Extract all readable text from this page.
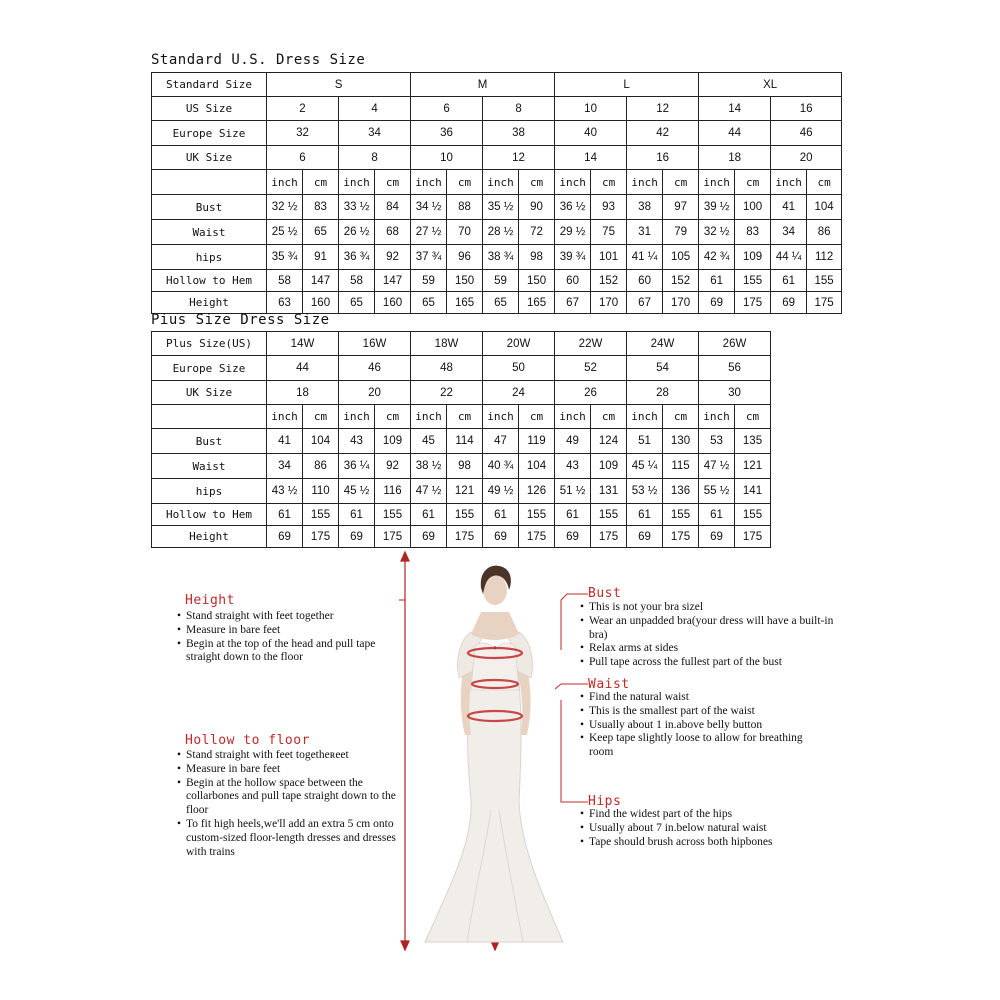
Standard U.S. Dress Size
Standard Size	S				M				L				XL			
US Size	2		4		6		8		10		12		14		16	
Europe Size	32		34		36		38		40		42		44		46	
UK Size	6		8		10		12		14		16		18		20	
	inch	cm	inch	cm	inch	cm	inch	cm	inch	cm	inch	cm	inch	cm	inch	cm
Bust	32 ½	83	33 ½	84	34 ½	88	35 ½	90	36 ½	93	38	97	39 ½	100	41	104
Waist	25 ½	65	26 ½	68	27 ½	70	28 ½	72	29 ½	75	31	79	32 ½	83	34	86
hips	35 ¾	91	36 ¾	92	37 ¾	96	38 ¾	98	39 ¾	101	41 ¼	105	42 ¾	109	44 ¼	112
Hollow to Hem	58	147	58	147	59	150	59	150	60	152	60	152	61	155	61	155
Height	63	160	65	160	65	165	65	165	67	170	67	170	69	175	69	175
Pius Size Dress Size
Plus Size(US)	14W		16W		18W		20W		22W		24W		26W	
Europe Size	44		46		48		50		52		54		56	
UK Size	18		20		22		24		26		28		30	
	inch	cm	inch	cm	inch	cm	inch	cm	inch	cm	inch	cm	inch	cm
Bust	41	104	43	109	45	114	47	119	49	124	51	130	53	135
Waist	34	86	36 ¼	92	38 ½	98	40 ¾	104	43	109	45 ¼	115	47 ½	121
hips	43 ½	110	45 ½	116	47 ½	121	49 ½	126	51 ½	131	53 ½	136	55 ½	141
Hollow to Hem	61	155	61	155	61	155	61	155	61	155	61	155	61	155
Height	69	175	69	175	69	175	69	175	69	175	69	175	69	175
Height
• Stand straight with feet together
• Measure in bare feet
• Begin at the top of the head and pull tape straight down to the floor
Hollow to floor
• Stand straight with feet togetheʀeet
• Measure in bare feet
• Begin at the hollow space between the collarbones and pull tape straight down to the floor
• To fit high heels,we'll add an extra 5 cm onto custom-sized floor-length dresses and dresses with trains
Bust
• This is not your bra sizel
• Wear an unpadded bra(your dress will have a built-in bra)
• Relax arms at sides
• Pull tape across the fullest part of the bust
Waist
• Find the natural waist
• This is the smallest part of the waist
• Usually about 1 in.above belly button
• Keep tape slightly loose to allow for breathing room
Hips
• Find the widest part of the hips
• Usually about 7 in.below natural waist
• Tape should brush across both hipbones
